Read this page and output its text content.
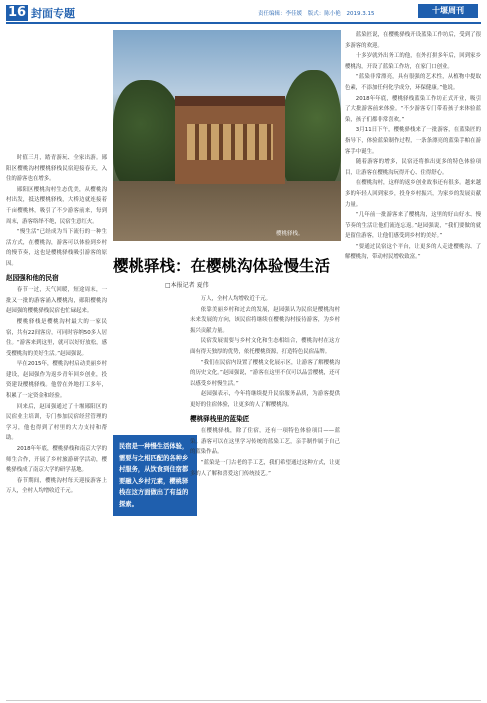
16 封面专题	责任编辑：李佳媛 版式：陈小艳 2019.3.15	十堰周刊
樱桃驿栈。
樱桃驿栈：在樱桃沟体验慢生活
□本报记者 夏伟

时值三月，踏青游玩、全家出游。郧阳区樱桃沟村樱桃驿栈民宿迎接春天，入住的游客也在增多。

郧阳区樱桃沟村生态优美，从樱桃沟村出发，抵达樱桃驿栈，大桥边就连接着千亩樱桃林，吸引了不少游客前来，每到周末，游客络绎不绝，民宿生意红火。

“慢生活”已经成为当下流行的一种生活方式，在樱桃沟，游客可以体验到乡村的慢节奏，这也是樱桃驿栈吸引游客的原因。

赵园强和他的民宿

春节一过，天气回暖，短途周末，一批又一批的游客涌入樱桃沟，郧阳樱桃沟赵园强的樱桃驿栈民宿也忙碌起来。

樱桃驿栈是樱桃沟村最大的一家民宿，共有22间客房，可同时容纳50多人居住。“游客来到这里，就可以好好放松，感受樱桃沟的美好生活。”赵园强说。

早在2015年，樱桃沟村启动美丽乡村建设，赵园强作为返乡青年回乡创业，投资建设樱桃驿栈。他曾在外地打工多年，积累了一定资金和经验。

回来后，赵园强通过了十堰郧阳区的民宿业主培训，专门参加民宿经营管理的学习，他也得到了村里的大力支持和帮助。

2018年年底，樱桃驿栈和南京大学的师生合作，开展了乡村旅游研学活动，樱桃驿栈成了南京大学的研学基地。

春节期间，樱桃沟村每天迎接游客上万人，全村人均增收近千元。

民宿是一种慢生活体验，需要与之相匹配的各种乡村服务，从饮食到住宿都要融入乡村元素，樱桃驿栈在这方面做出了有益的探索。

万人，全村人均增收近千元。

依靠美丽乡村和过去的发展，赵园强认为民宿是樱桃沟村未来发展的方向，该民宿将继续在樱桃沟村接待游客，为乡村振兴贡献力量。

民宿发展需要与乡村文化和生态相结合，樱桃沟村在这方面有得天独厚的优势，依托樱桃资源，打造特色民宿品牌。

“我们在民宿内设置了樱桃文化展示区，让游客了解樱桃沟的历史文化。”赵园强说，“游客在这里不仅可以品尝樱桃，还可以感受乡村慢生活。”

赵园强表示，今年将继续提升民宿服务品质，为游客提供更好的住宿体验，让更多的人了解樱桃沟。

樱桃驿栈里的蓝染匠

在樱桃驿栈，除了住宿，还有一项特色体验项目——蓝染。游客可以在这里学习传统的蓝染工艺，亲手制作属于自己的蓝染作品。

“蓝染是一门古老的手工艺，我们希望通过这种方式，让更多的人了解和喜爱这门传统技艺。”

蓝染匠说，在樱桃驿栈开设蓝染工作坊后，受到了很多游客的欢迎。

十多岁就外出务工的他，在外打拼多年后，回到家乡樱桃沟，开设了蓝染工作坊，在家门口创业。

“蓝染非常漂亮，具有很强的艺术性，从植物中提取色素，不添加任何化学成分，环保健康。”他说。

2018年年底，樱桃驿栈蓝染工作坊正式开业，吸引了大批游客前来体验。“不少游客专门带着孩子来体验蓝染，孩子们都非常喜欢。”

3月11日下午，樱桃驿栈来了一批游客，在蓝染匠的指导下，体验蓝染制作过程，一条条漂亮的蓝染手帕在游客手中诞生。

随着游客的增多，民宿还将推出更多的特色体验项目，让游客在樱桃沟玩得开心、住得舒心。

在樱桃沟村，这样的返乡创业故事还有很多。越来越多的年轻人回到家乡，投身乡村振兴，为家乡的发展贡献力量。

“几年前一批游客来了樱桃沟，这里的好山好水、慢节奏的生活让他们流连忘返。”赵园强说，“我们要做的就是留住游客，让他们感受到乡村的美好。”

“要通过民宿这个平台，让更多的人走进樱桃沟、了解樱桃沟，带动村民增收致富。”
